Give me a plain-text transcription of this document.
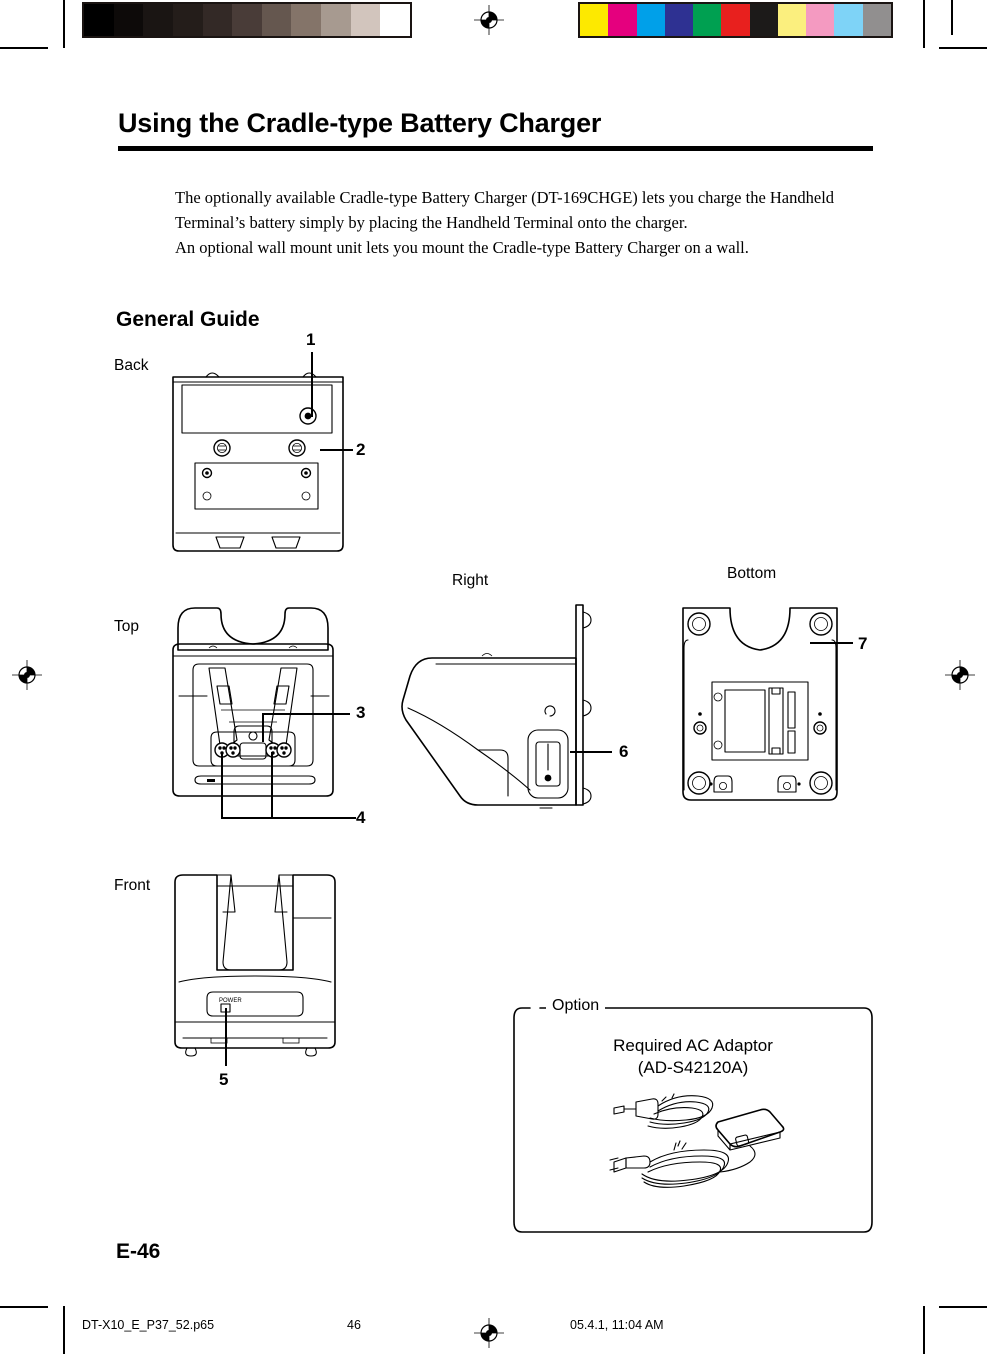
Using the Cradle-type Battery Charger
The optionally available Cradle-type Battery Charger (DT-169CHGE) lets you charge the Handheld Terminal’s battery simply by placing the Handheld Terminal onto the charger.
An optional wall mount unit lets you mount the Cradle-type Battery Charger on a wall.
General Guide
Back
1
2
Top
3
4
Right
6
Bottom
7
Front
POWER
5
Option
Required AC Adaptor
(AD-S42120A)
E-46
DT-X10_E_P37_52.p65	46	05.4.1, 11:04 AM
